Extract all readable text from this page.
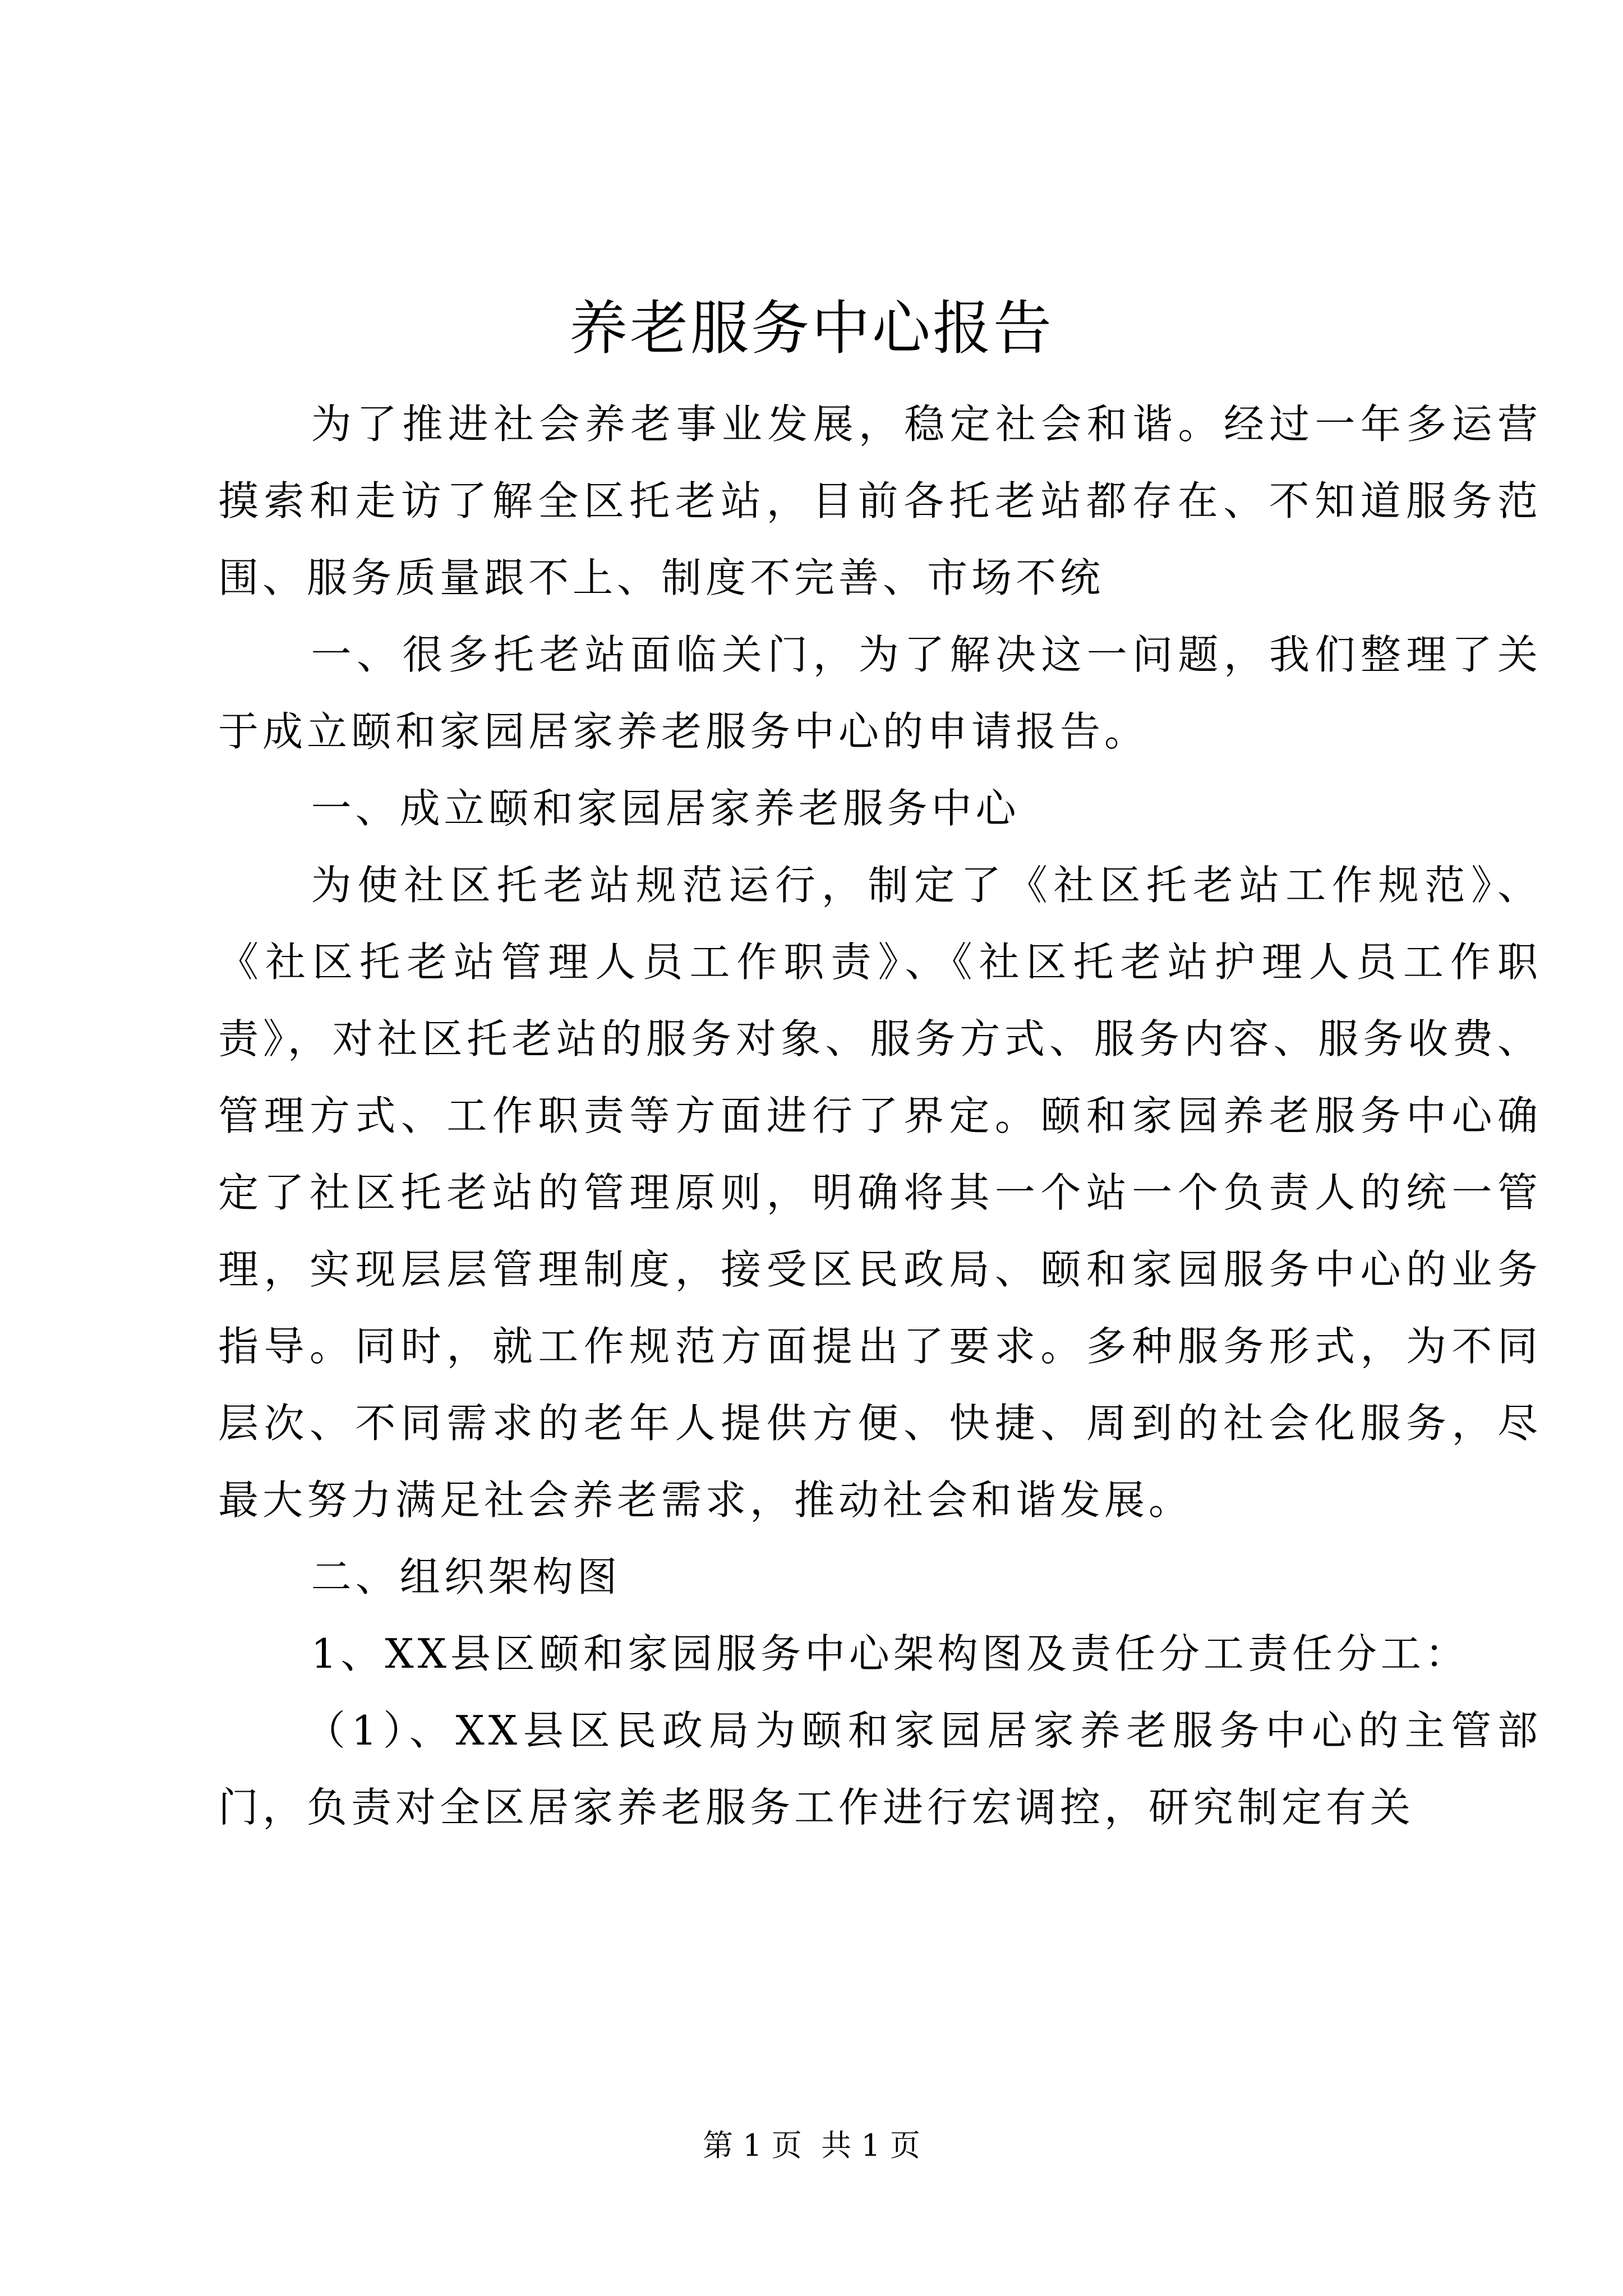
养老服务中心报告

为了推进社会养老事业发展，稳定社会和谐。经过一年多运营摸索和走访了解全区托老站，目前各托老站都存在、不知道服务范围、服务质量跟不上、制度不完善、市场不统

一、很多托老站面临关门，为了解决这一问题，我们整理了关于成立颐和家园居家养老服务中心的申请报告。

一、成立颐和家园居家养老服务中心

为使社区托老站规范运行，制定了《社区托老站工作规范》、《社区托老站管理人员工作职责》、《社区托老站护理人员工作职责》，对社区托老站的服务对象、服务方式、服务内容、服务收费、管理方式、工作职责等方面进行了界定。颐和家园养老服务中心确定了社区托老站的管理原则，明确将其一个站一个负责人的统一管理，实现层层管理制度，接受区民政局、颐和家园服务中心的业务指导。同时，就工作规范方面提出了要求。多种服务形式，为不同层次、不同需求的老年人提供方便、快捷、周到的社会化服务，尽最大努力满足社会养老需求，推动社会和谐发展。

二、组织架构图

1、XX县区颐和家园服务中心架构图及责任分工责任分工：

（1）、XX县区民政局为颐和家园居家养老服务中心的主管部门，负责对全区居家养老服务工作进行宏调控，研究制定有关

第 1 页  共 1 页
